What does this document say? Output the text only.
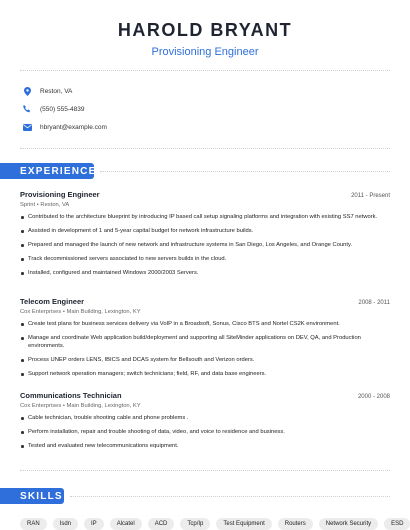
HAROLD BRYANT
Provisioning Engineer
Reston, VA
(550) 555-4839
hbryant@example.com
EXPERIENCE
Provisioning Engineer	2011 - Present
Sprint • Reston, VA
Contributed to the architecture blueprint by introducing IP based call setup signaling platforms and integration with existing SS7 network.
Assisted in development of 1 and 5-year capital budget for network infrastructure builds.
Prepared and managed the launch of new network and infrastructure systems in San Diego, Los Angeles, and Orange County.
Track decommissioned servers associated to new servers builds in the cloud.
Installed, configured and maintained Windows 2000/2003 Servers.
Telecom Engineer	2008 - 2011
Cox Enterprises • Main Building, Lexington, KY
Create test plans for business services delivery via VoIP in a Broadsoft, Sonus, Cisco BTS and Nortel CS2K environment.
Manage and coordinate Web application build/deployment and supporting all SiteMinder applications on DEV, QA, and Production environments.
Process UNEP orders LENS, IBICS and DCAS system for Bellsouth and Verizon orders.
Support network operation managers; switch technicians; field, RF, and data base engineers.
Communications Technician	2000 - 2008
Cox Enterprises • Main Building, Lexington, KY
Cable technician, trouble shooting cable and phone problems .
Perform installation, repair and trouble shooting of data, video, and voice to residence and business.
Tested and evaluated new telecommunications equipment.
SKILLS
RAN	Isdn	IP	Alcatel	ACD	Tcp/Ip	Test Equipment	Routers	Network Security	ESD
